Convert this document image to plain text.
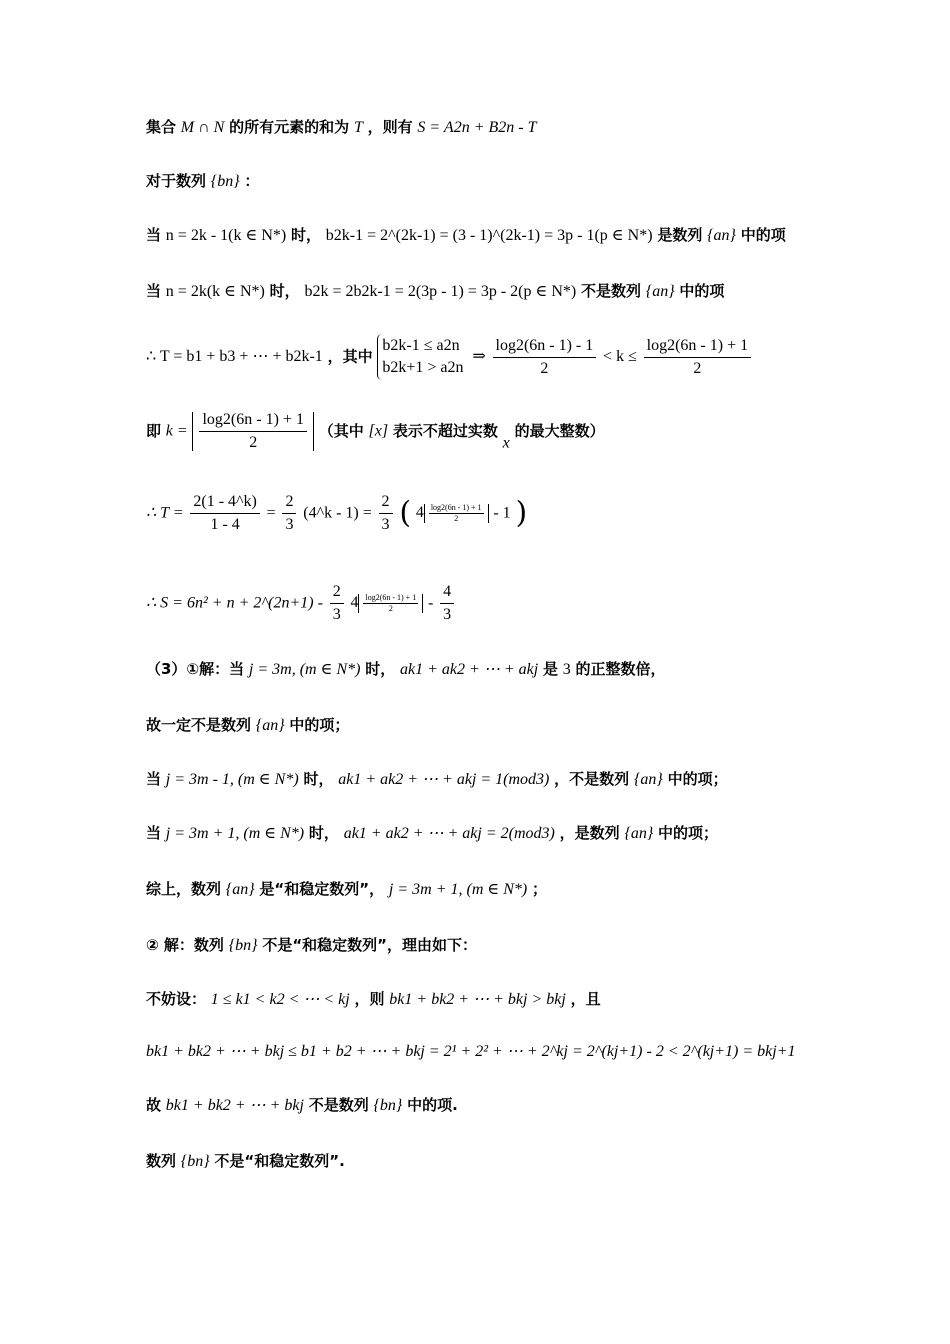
集合 M ∩ N 的所有元素的和为 T ，则有 S = A2n + B2n - T
对于数列 {bn} ：
当 n = 2k - 1(k ∈ N*) 时， b2k-1 = 2^(2k-1) = (3 - 1)^(2k-1) = 3p - 1(p ∈ N*) 是数列 {an} 中的项
当 n = 2k(k ∈ N*) 时， b2k = 2b2k-1 = 2(3p - 1) = 3p - 2(p ∈ N*) 不是数列 {an} 中的项
∴ T = b1 + b3 + ⋯ + b2k-1 ，其中
b2k-1 ≤ a2n
b2k+1 > a2n
⇒ $\frac{\log 2(6n - 1) - 1}{2} < k \le \frac{\log 2(6n - 1) + 1}{2}$
即 $k = \frac{\log 2(6n - 1) + 1}{2}$ （其中 [x] 表示不超过实数 x 的最大整数）
∴ $T = \frac{2(1 - 4\^{}k)}{1 - 4} = \frac{2}{3}$ (4^k - $1) = \frac{2}{3}$ ( $4 \frac{\log 2(6n - 1) + 1}{2} - 1$ )
∴ S = 6n² + n + 2^(2n+1) - $\frac{2}{3} 4 \frac{\log 2(6n - 1) + 1}{2} - \frac{4}{3}$
（3）①解：当 j = 3m, (m ∈ N*) 时， ak1 + ak2 + ⋯ + akj 是 3 的正整数倍，
故一定不是数列 {an} 中的项；
当 j = 3m - 1, (m ∈ N*) 时， ak1 + ak2 + ⋯ + akj = 1(mod3) ，不是数列 {an} 中的项；
当 j = 3m + 1, (m ∈ N*) 时， ak1 + ak2 + ⋯ + akj = 2(mod3) ，是数列 {an} 中的项；
综上，数列 {an} 是“和稳定数列”， j = 3m + 1, (m ∈ N*) ；
② 解：数列 {bn} 不是“和稳定数列”，理由如下：
不妨设： 1 ≤ k1 < k2 < ⋯ < kj ，则 bk1 + bk2 + ⋯ + bkj > bkj ，且
bk1 + bk2 + ⋯ + bkj ≤ b1 + b2 + ⋯ + bkj = 2¹ + 2² + ⋯ + 2^kj = 2^(kj+1) - 2 < 2^(kj+1) = bkj+1
故 bk1 + bk2 + ⋯ + bkj 不是数列 {bn} 中的项.
数列 {bn} 不是“和稳定数列”.
